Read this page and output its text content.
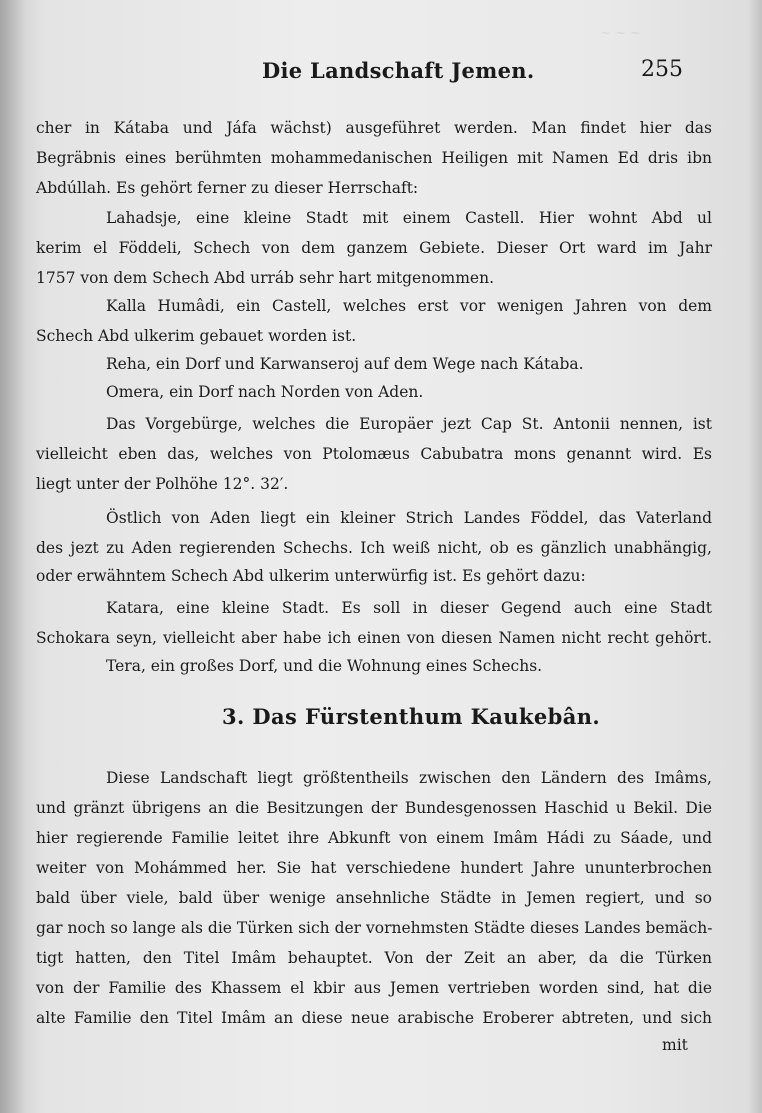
~ ~ ~
Die Landschaft Jemen.	255
cher in Kátaba und Jáfa wächst) ausgeführet werden. Man findet hier das
Begräbnis eines berühmten mohammedanischen Heiligen mit Namen Ed dris ibn
Abdúllah. Es gehört ferner zu dieser Herrschaft:
Lahadsje, eine kleine Stadt mit einem Castell. Hier wohnt Abd ul
kerim el Föddeli, Schech von dem ganzem Gebiete. Dieser Ort ward im Jahr
1757 von dem Schech Abd urráb sehr hart mitgenommen.
Kalla Humâdi, ein Castell, welches erst vor wenigen Jahren von dem
Schech Abd ulkerim gebauet worden ist.
Reha, ein Dorf und Karwanseroj auf dem Wege nach Kátaba.
Omera, ein Dorf nach Norden von Aden.
Das Vorgebürge, welches die Europäer jezt Cap St. Antonii nennen, ist
vielleicht eben das, welches von Ptolomæus Cabubatra mons genannt wird. Es
liegt unter der Polhöhe 12°. 32′.
Östlich von Aden liegt ein kleiner Strich Landes Föddel, das Vaterland
des jezt zu Aden regierenden Schechs. Ich weiß nicht, ob es gänzlich unabhängig,
oder erwähntem Schech Abd ulkerim unterwürfig ist. Es gehört dazu:
Katara, eine kleine Stadt. Es soll in dieser Gegend auch eine Stadt
Schokara seyn, vielleicht aber habe ich einen von diesen Namen nicht recht gehört.
Tera, ein großes Dorf, und die Wohnung eines Schechs.
3. Das Fürstenthum Kaukebân.
Diese Landschaft liegt größtentheils zwischen den Ländern des Imâms,
und gränzt übrigens an die Besitzungen der Bundesgenossen Haschid u Bekil. Die
hier regierende Familie leitet ihre Abkunft von einem Imâm Hádi zu Sáade, und
weiter von Mohámmed her. Sie hat verschiedene hundert Jahre ununterbrochen
bald über viele, bald über wenige ansehnliche Städte in Jemen regiert, und so
gar noch so lange als die Türken sich der vornehmsten Städte dieses Landes bemäch-
tigt hatten, den Titel Imâm behauptet. Von der Zeit an aber, da die Türken
von der Familie des Khassem el kbir aus Jemen vertrieben worden sind, hat die
alte Familie den Titel Imâm an diese neue arabische Eroberer abtreten, und sich
mit
